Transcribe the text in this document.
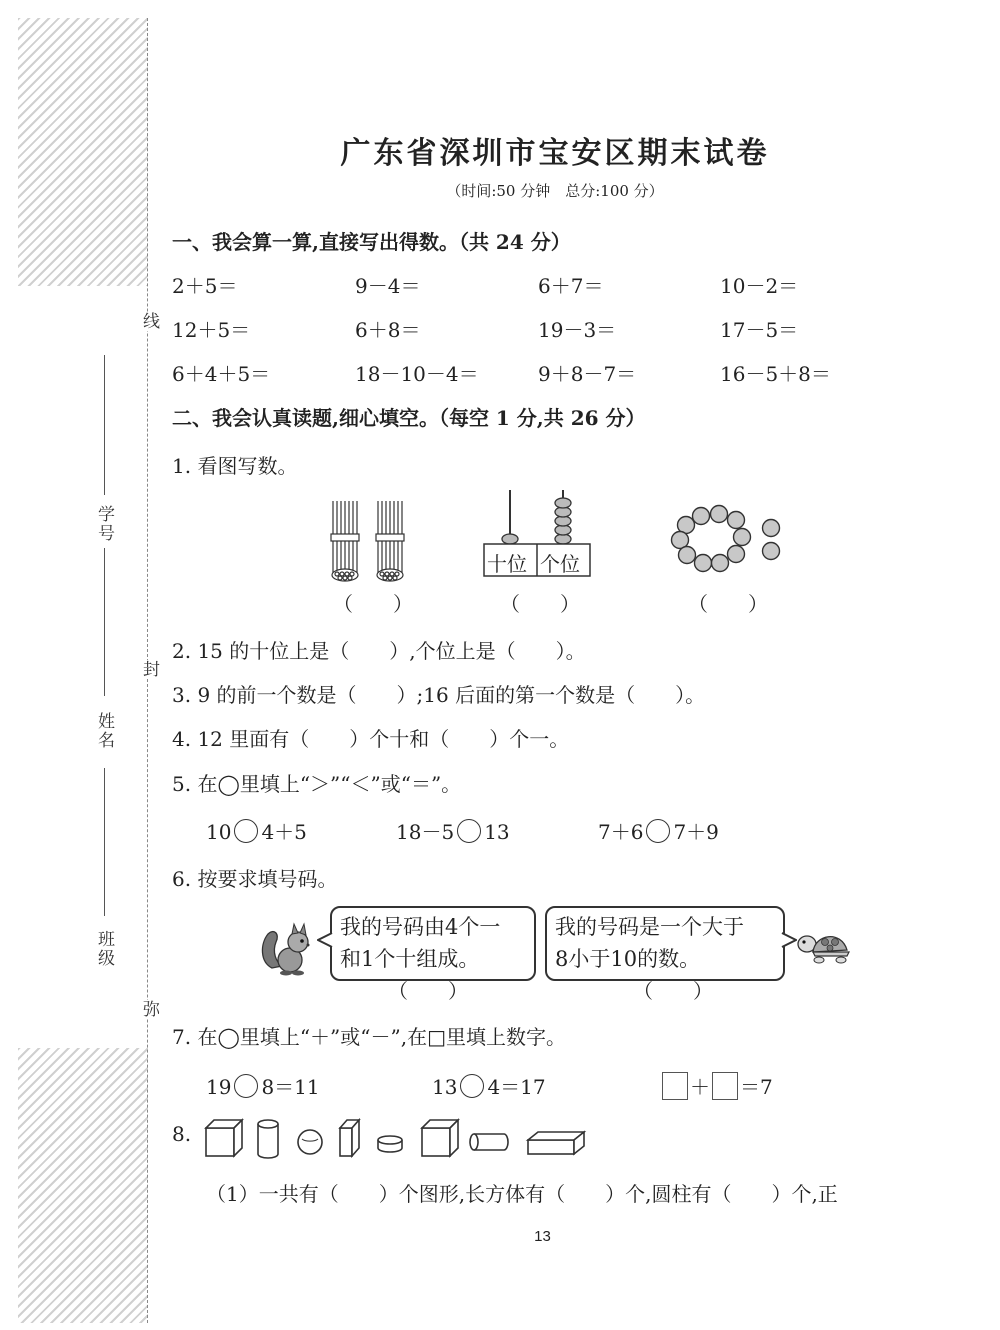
线
封
弥
学号
姓名
班级
广东省深圳市宝安区期末试卷
（时间:50 分钟　总分:100 分）
一、我会算一算,直接写出得数。（共 24 分）
2＋5＝	9－4＝	6＋7＝	10－2＝
12＋5＝	6＋8＝	19－3＝	17－5＝
6＋4＋5＝	18－10－4＝	9＋8－7＝	16－5＋8＝
二、我会认真读题,细心填空。（每空 1 分,共 26 分）
1. 看图写数。
十位 个位
（　　）	（　　）	（　　）
2. 15 的十位上是（　　）,个位上是（　　）。
3. 9 的前一个数是（　　）;16 后面的第一个数是（　　）。
4. 12 里面有（　　）个十和（　　）个一。
5. 在◯里填上“＞”“＜”或“＝”。
10 4＋5	18－5 13	7＋6 7＋9
6. 按要求填号码。
我的号码由4个一
和1个十组成。
我的号码是一个大于
8小于10的数。
（　　）	（　　）
7. 在◯里填上“＋”或“－”,在□里填上数字。
19 8＝11	13 4＝17	＋ ＝7
8.
（1）一共有（　　）个图形,长方体有（　　）个,圆柱有（　　）个,正
13
